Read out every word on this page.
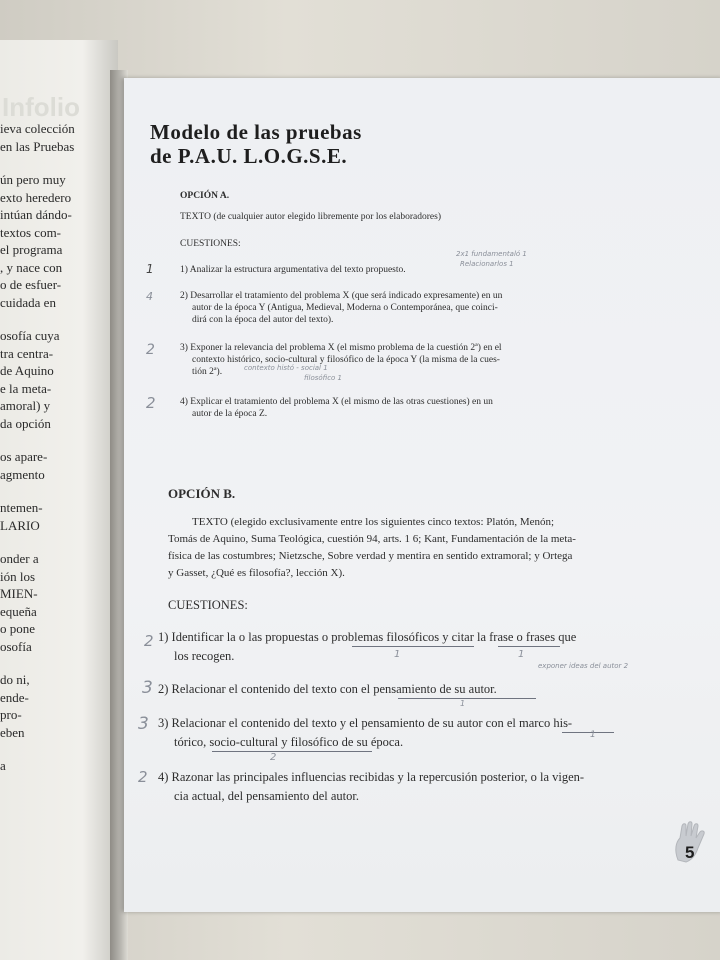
Infolio
ieva colección
en las Pruebas
ún pero muy
exto heredero
intúan dándo-
textos com-
el programa
, y nace con
o de esfuer-
cuidada en
osofía cuya
tra centra-
de Aquino
e la meta-
amoral) y
da opción
os apare-
agmento
ntemen-
LARIO
onder a
ión los
MIEN-
equeña
o pone
osofía
do ni,
ende-
pro-
eben
a
Modelo de las pruebas
de P.A.U. L.O.G.S.E.
OPCIÓN A.
TEXTO (de cualquier autor elegido libremente por los elaboradores)
CUESTIONES:
1	1) Analizar la estructura argumentativa del texto propuesto.
2x1 fundamentaló 1
Relacionarlos 1
4	2) Desarrollar el tratamiento del problema X (que será indicado expresamente) en un
autor de la época Y (Antigua, Medieval, Moderna o Contemporánea, que coinci-
dirá con la época del autor del texto).
2	3) Exponer la relevancia del problema X (el mismo problema de la cuestión 2ª) en el
contexto histórico, socio-cultural y filosófico de la época Y (la misma de la cues-
tión 2ª).	contexto histó - social 1
filosófico 1
2	4) Explicar el tratamiento del problema X (el mismo de las otras cuestiones) en un
autor de la época Z.
OPCIÓN B.
TEXTO (elegido exclusivamente entre los siguientes cinco textos: Platón, Menón;
Tomás de Aquino, Suma Teológica, cuestión 94, arts. 1 6; Kant, Fundamentación de la meta-
física de las costumbres; Nietzsche, Sobre verdad y mentira en sentido extramoral; y Ortega
y Gasset, ¿Qué es filosofía?, lección X).
CUESTIONES:
2 1) Identificar la o las propuestas o problemas filosóficos y citar la frase o frases que
los recogen.	1	1
3 2) Relacionar el contenido del texto con el pensamiento de su autor.
exponer ideas del autor 2
1
3 3) Relacionar el contenido del texto y el pensamiento de su autor con el marco his-
tórico, socio-cultural y filosófico de su época.	1
2
2 4) Razonar las principales influencias recibidas y la repercusión posterior, o la vigen-
cia actual, del pensamiento del autor.
5
